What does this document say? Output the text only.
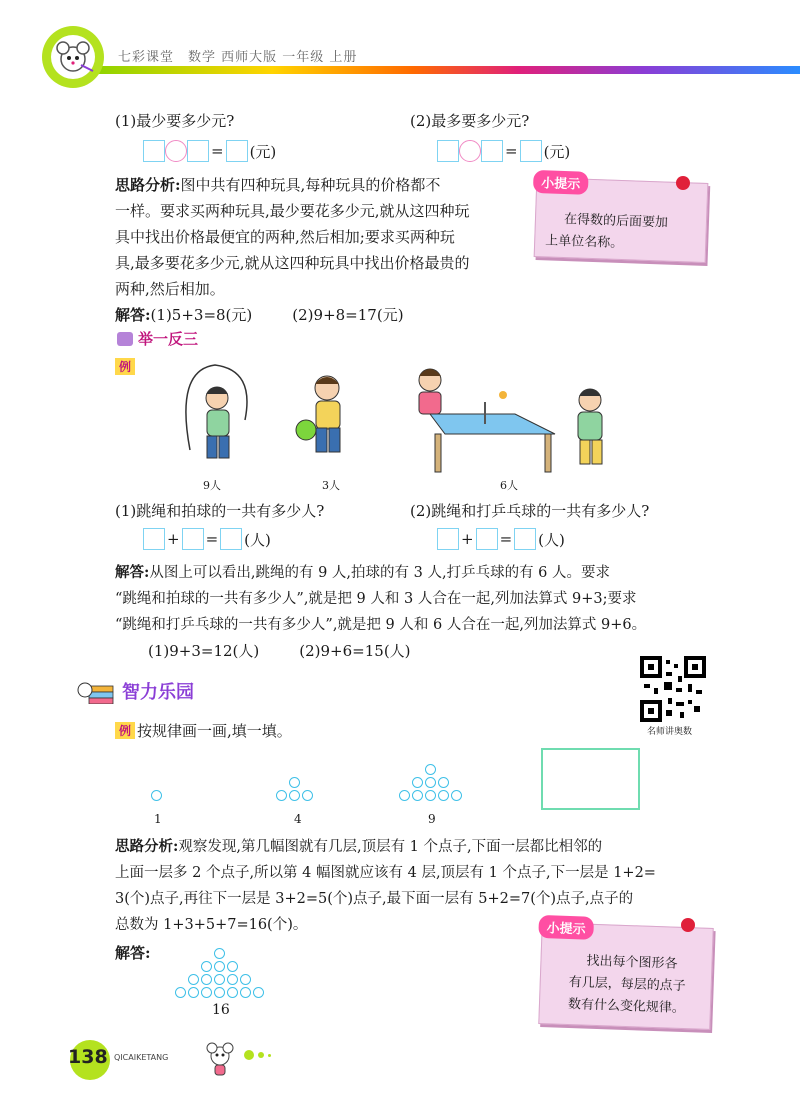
七彩课堂　数学 西师大版 一年级 上册
(1)最少要多少元?	(2)最多要多少元?
= (元)	= (元)
思路分析:图中共有四种玩具,每种玩具的价格都不
一样。要求买两种玩具,最少要花多少元,就从这四种玩
具中找出价格最便宜的两种,然后相加;要求买两种玩
具,最多要花多少元,就从这四种玩具中找出价格最贵的
两种,然后相加。
解答:(1)5+3=8(元)	(2)9+8=17(元)
小提示
在得数的后面要加
上单位名称。
举一反三
例
9人	3人	6人
(1)跳绳和拍球的一共有多少人?	(2)跳绳和打乒乓球的一共有多少人?
+ = (人)	+ = (人)
解答:从图上可以看出,跳绳的有 9 人,拍球的有 3 人,打乒乓球的有 6 人。要求
“跳绳和拍球的一共有多少人”,就是把 9 人和 3 人合在一起,列加法算式 9+3;要求
“跳绳和打乒乓球的一共有多少人”,就是把 9 人和 6 人合在一起,列加法算式 9+6。
(1)9+3=12(人)	(2)9+6=15(人)
智力乐园
名师讲奥数
例 按规律画一画,填一填。
1	4	9
思路分析:观察发现,第几幅图就有几层,顶层有 1 个点子,下面一层都比相邻的
上面一层多 2 个点子,所以第 4 幅图就应该有 4 层,顶层有 1 个点子,下一层是 1+2=
3(个)点子,再往下一层是 3+2=5(个)点子,最下面一层有 5+2=7(个)点子,点子的
总数为 1+3+5+7=16(个)。
解答:
16
小提示
找出每个图形各
有几层，每层的点子
数有什么变化规律。
138 QICAIKETANG
